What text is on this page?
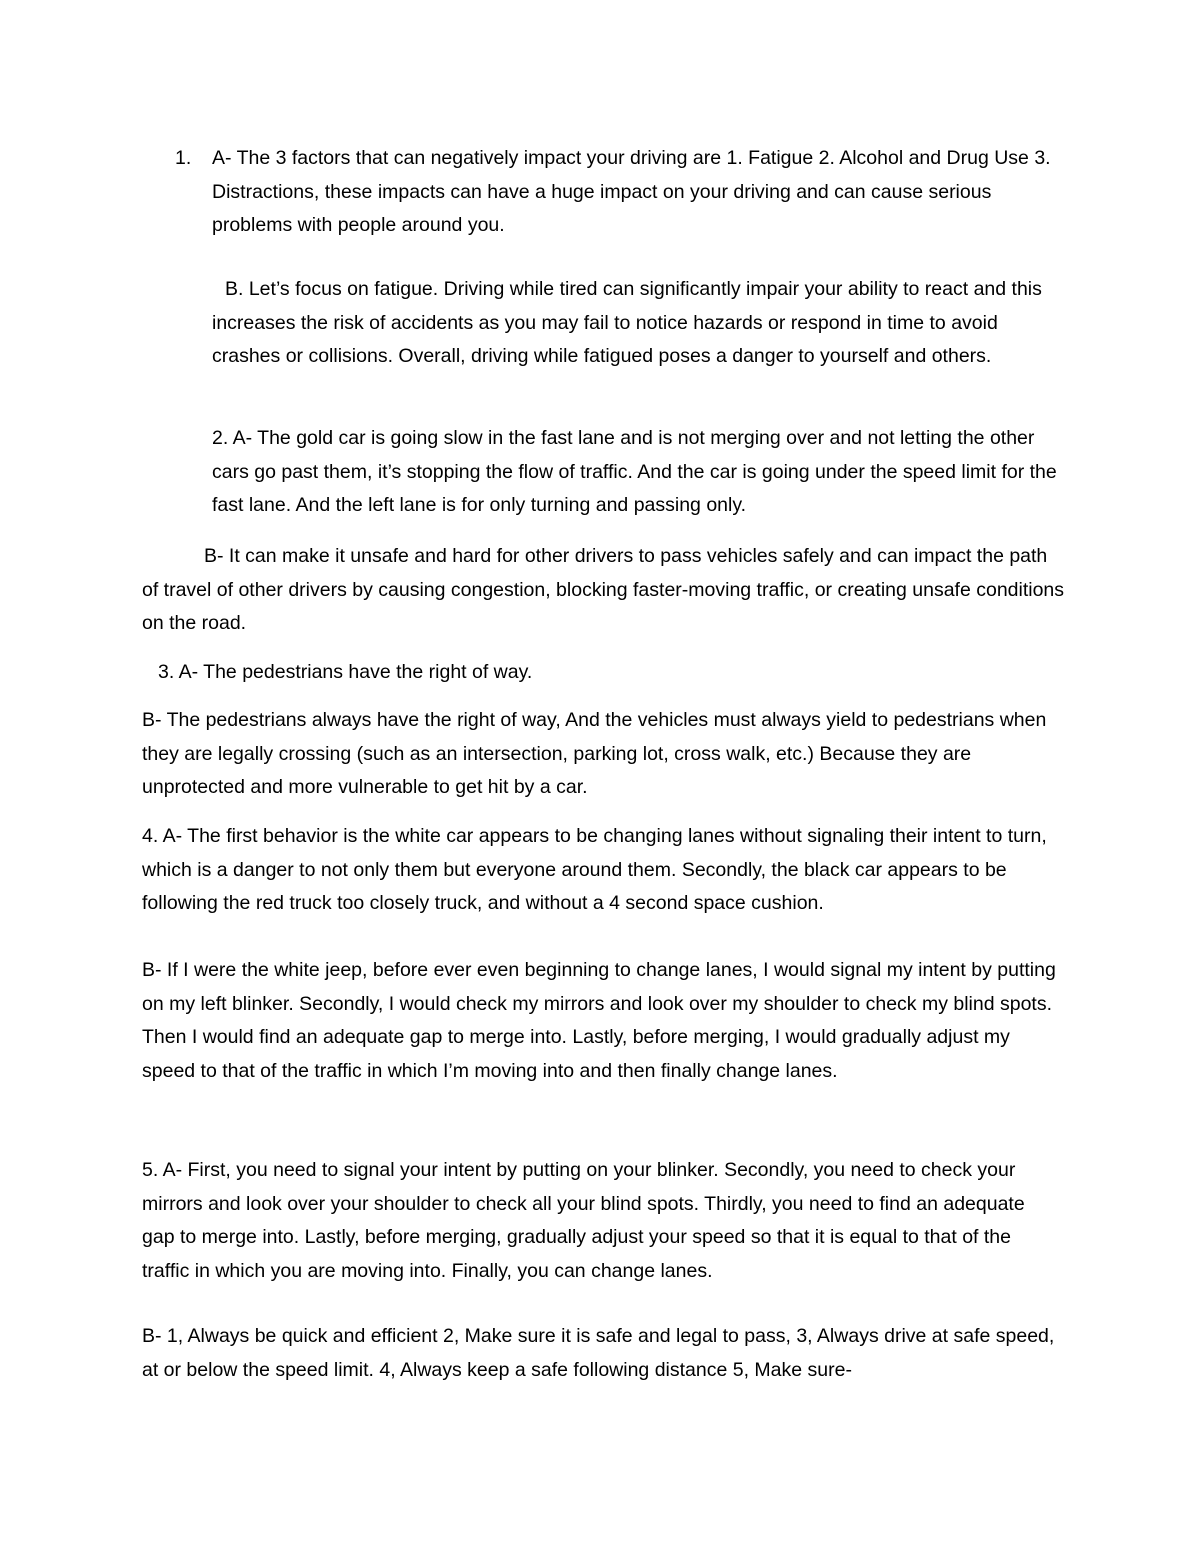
1. A- The 3 factors that can negatively impact your driving are 1. Fatigue 2. Alcohol and Drug Use 3. Distractions, these impacts can have a huge impact on your driving and can cause serious problems with people around you.

B. Let’s focus on fatigue. Driving while tired can significantly impair your ability to react and this increases the risk of accidents as you may fail to notice hazards or respond in time to avoid crashes or collisions. Overall, driving while fatigued poses a danger to yourself and others.

2. A- The gold car is going slow in the fast lane and is not merging over and not letting the other cars go past them, it’s stopping the flow of traffic. And the car is going under the speed limit for the fast lane. And the left lane is for only turning and passing only.

B- It can make it unsafe and hard for other drivers to pass vehicles safely and can impact the path of travel of other drivers by causing congestion, blocking faster-moving traffic, or creating unsafe conditions on the road.

3. A- The pedestrians have the right of way.

B- The pedestrians always have the right of way, And the vehicles must always yield to pedestrians when they are legally crossing (such as an intersection, parking lot, cross walk, etc.) Because they are unprotected and more vulnerable to get hit by a car.

4. A- The first behavior is the white car appears to be changing lanes without signaling their intent to turn, which is a danger to not only them but everyone around them. Secondly, the black car appears to be following the red truck too closely truck, and without a 4 second space cushion.

B- If I were the white jeep, before ever even beginning to change lanes, I would signal my intent by putting on my left blinker. Secondly, I would check my mirrors and look over my shoulder to check my blind spots. Then I would find an adequate gap to merge into. Lastly, before merging, I would gradually adjust my speed to that of the traffic in which I’m moving into and then finally change lanes.

5. A- First, you need to signal your intent by putting on your blinker. Secondly, you need to check your mirrors and look over your shoulder to check all your blind spots. Thirdly, you need to find an adequate gap to merge into. Lastly, before merging, gradually adjust your speed so that it is equal to that of the traffic in which you are moving into. Finally, you can change lanes.

B- 1, Always be quick and efficient 2, Make sure it is safe and legal to pass, 3, Always drive at safe speed, at or below the speed limit. 4, Always keep a safe following distance 5, Make sure-
